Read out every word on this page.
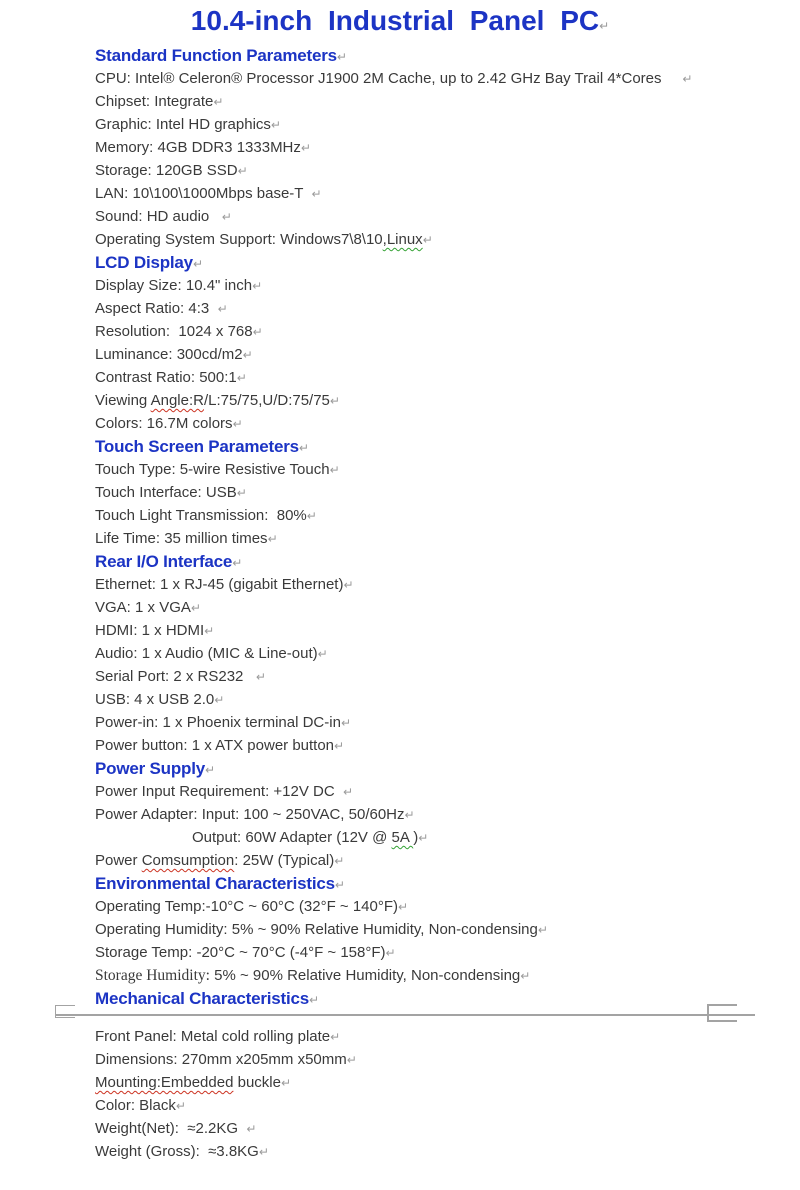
10.4-inch Industrial Panel PC↵
Standard Function Parameters↵
CPU: Intel® Celeron® Processor J1900 2M Cache, up to 2.42 GHz Bay Trail 4*Cores     ↵
Chipset: Integrate↵
Graphic: Intel HD graphics↵
Memory: 4GB DDR3 1333MHz↵
Storage: 120GB SSD↵
LAN: 10\100\1000Mbps base-T  ↵
Sound: HD audio   ↵
Operating System Support: Windows7\8\10,Linux↵
LCD Display↵
Display Size: 10.4" inch↵
Aspect Ratio: 4:3  ↵
Resolution:  1024 x 768↵
Luminance: 300cd/m2↵
Contrast Ratio: 500:1↵
Viewing Angle:R/L:75/75,U/D:75/75↵
Colors: 16.7M colors↵
Touch Screen Parameters↵
Touch Type: 5-wire Resistive Touch↵
Touch Interface: USB↵
Touch Light Transmission:  80%↵
Life Time: 35 million times↵
Rear I/O Interface↵
Ethernet: 1 x RJ-45 (gigabit Ethernet)↵
VGA: 1 x VGA↵
HDMI: 1 x HDMI↵
Audio: 1 x Audio (MIC & Line-out)↵
Serial Port: 2 x RS232   ↵
USB: 4 x USB 2.0↵
Power-in: 1 x Phoenix terminal DC-in↵
Power button: 1 x ATX power button↵
Power Supply↵
Power Input Requirement: +12V DC  ↵
Power Adapter: Input: 100 ~ 250VAC, 50/60Hz↵
Output: 60W Adapter (12V @ 5A )↵
Power Comsumption: 25W (Typical)↵
Environmental Characteristics↵
Operating Temp:-10°C ~ 60°C (32°F ~ 140°F)↵
Operating Humidity: 5% ~ 90% Relative Humidity, Non-condensing↵
Storage Temp: -20°C ~ 70°C (-4°F ~ 158°F)↵
Storage Humidity: 5% ~ 90% Relative Humidity, Non-condensing↵
Mechanical Characteristics↵
Front Panel: Metal cold rolling plate↵
Dimensions: 270mm x205mm x50mm↵
Mounting:Embedded buckle↵
Color: Black↵
Weight(Net):  ≈2.2KG  ↵
Weight (Gross):  ≈3.8KG↵
